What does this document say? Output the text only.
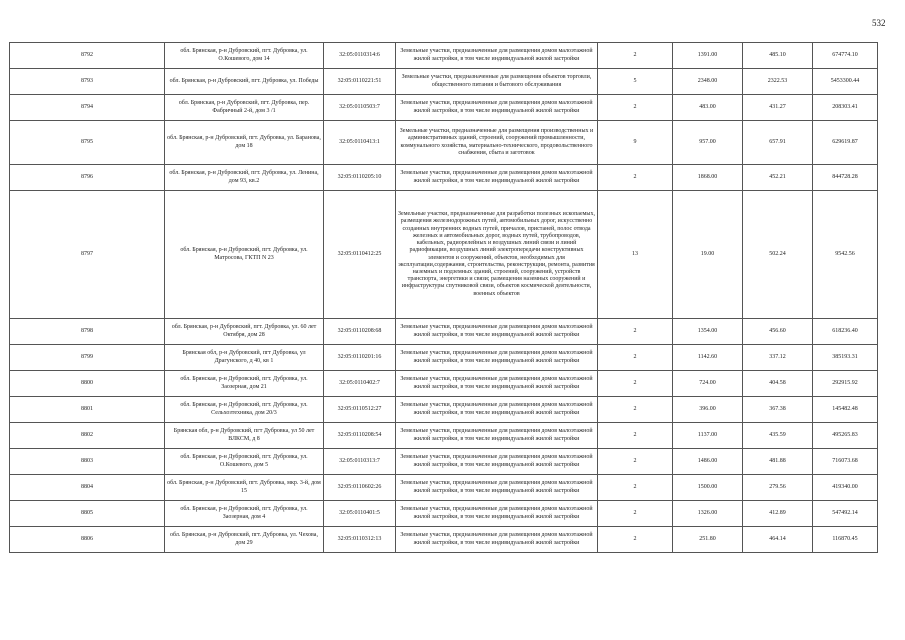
532
8792	обл. Брянская, р-н Дубровский, пгт. Дубровка, ул. О.Кошевого, дом 14	32:05:0110314:6	Земельные участки, предназначенные для размещения домов малоэтажной жилой застройки, в том числе индивидуальной жилой застройки	2	1391.00	485.10	674774.10
8793	обл. Брянская, р-н Дубровский, пгт. Дубровка, ул. Победы	32:05:0110221:51	Земельные участки, предназначенные для размещения объектов торговли, общественного питания и бытового обслуживания	5	2348.00	2322.53	5453300.44
8794	обл. Брянская, р-н Дубровский, пгт. Дубровка, пер. Фабричный 2-й, дом 3 /1	32:05:0110503:7	Земельные участки, предназначенные для размещения домов малоэтажной жилой застройки, в том числе индивидуальной жилой застройки	2	483.00	431.27	208303.41
8795	обл. Брянская, р-н Дубровский, пгт. Дубровка, ул. Баранова, дом 18	32:05:0110413:1	Земельные участки, предназначенные для размещения производственных и административных зданий, строений, сооружений промышленности, коммунального хозяйства, материально-технического, продовольственного снабжения, сбыта и заготовок	9	957.00	657.91	629619.87
8796	обл. Брянская, р-н Дубровский, пгт. Дубровка, ул. Ленина, дом 93, кв.2	32:05:0110205:10	Земельные участки, предназначенные для размещения домов малоэтажной жилой застройки, в том числе индивидуальной жилой застройки	2	1868.00	452.21	844728.28
8797	обл. Брянская, р-н Дубровский, пгт. Дубровка, ул. Матросова, ГКТП N 23	32:05:0110412:25	Земельные участки, предназначенные для разработки полезных ископаемых, размещения железнодорожных путей, автомобильных дорог, искусственно созданных внутренних водных путей, причалов, пристаней, полос отвода железных и автомобильных дорог, водных путей, трубопроводов, кабельных, радиорелейных и воздушных линий связи и линий радиофикации, воздушных линий электропередачи конструктивных элементов и сооружений, объектов, необходимых для эксплуатации,содержания, строительства, реконструкции, ремонта, развития наземных и подземных зданий, строений, сооружений, устройств транспорта, энергетики и связи; размещения наземных сооружений и инфраструктуры спутниковой связи, объектов космической деятельности, военных объектов	13	19.00	502.24	9542.56
8798	обл. Брянская, р-н Дубровский, пгт. Дубровка, ул. 60 лет Октября, дом 28	32:05:0110208:68	Земельные участки, предназначенные для размещения домов малоэтажной жилой застройки, в том числе индивидуальной жилой застройки	2	1354.00	456.60	618236.40
8799	Брянская обл, р-н Дубровский, пгт Дубровка, ул Драгунского, д 40, кв 1	32:05:0110201:16	Земельные участки, предназначенные для размещения домов малоэтажной жилой застройки, в том числе индивидуальной жилой застройки	2	1142.60	337.12	385193.31
8800	обл. Брянская, р-н Дубровский, пгт. Дубровка, ул. Заозерная, дом 21	32:05:0110402:7	Земельные участки, предназначенные для размещения домов малоэтажной жилой застройки, в том числе индивидуальной жилой застройки	2	724.00	404.58	292915.92
8801	обл. Брянская, р-н Дубровский, пгт. Дубровка, ул. Сельхозтехника, дом 20/3	32:05:0110512:27	Земельные участки, предназначенные для размещения домов малоэтажной жилой застройки, в том числе индивидуальной жилой застройки	2	396.00	367.38	145482.48
8802	Брянская обл, р-н Дубровский, пгт Дубровка, ул 50 лет ВЛКСМ, д 8	32:05:0110208:54	Земельные участки, предназначенные для размещения домов малоэтажной жилой застройки, в том числе индивидуальной жилой застройки	2	1137.00	435.59	495265.83
8803	обл. Брянская, р-н Дубровский, пгт. Дубровка, ул. О.Кошевого, дом 5	32:05:0110313:7	Земельные участки, предназначенные для размещения домов малоэтажной жилой застройки, в том числе индивидуальной жилой застройки	2	1486.00	481.88	716073.68
8804	обл. Брянская, р-н Дубровский, пгт. Дубровка, мкр. 3-й, дом 15	32:05:0110602:26	Земельные участки, предназначенные для размещения домов малоэтажной жилой застройки, в том числе индивидуальной жилой застройки	2	1500.00	279.56	419340.00
8805	обл. Брянская, р-н Дубровский, пгт. Дубровка, ул. Заозерная, дом 4	32:05:0110401:5	Земельные участки, предназначенные для размещения домов малоэтажной жилой застройки, в том числе индивидуальной жилой застройки	2	1326.00	412.89	547492.14
8806	обл. Брянская, р-н Дубровский, пгт. Дубровка, ул. Чехова, дом 29	32:05:0110312:13	Земельные участки, предназначенные для размещения домов малоэтажной жилой застройки, в том числе индивидуальной жилой застройки	2	251.80	464.14	116870.45
